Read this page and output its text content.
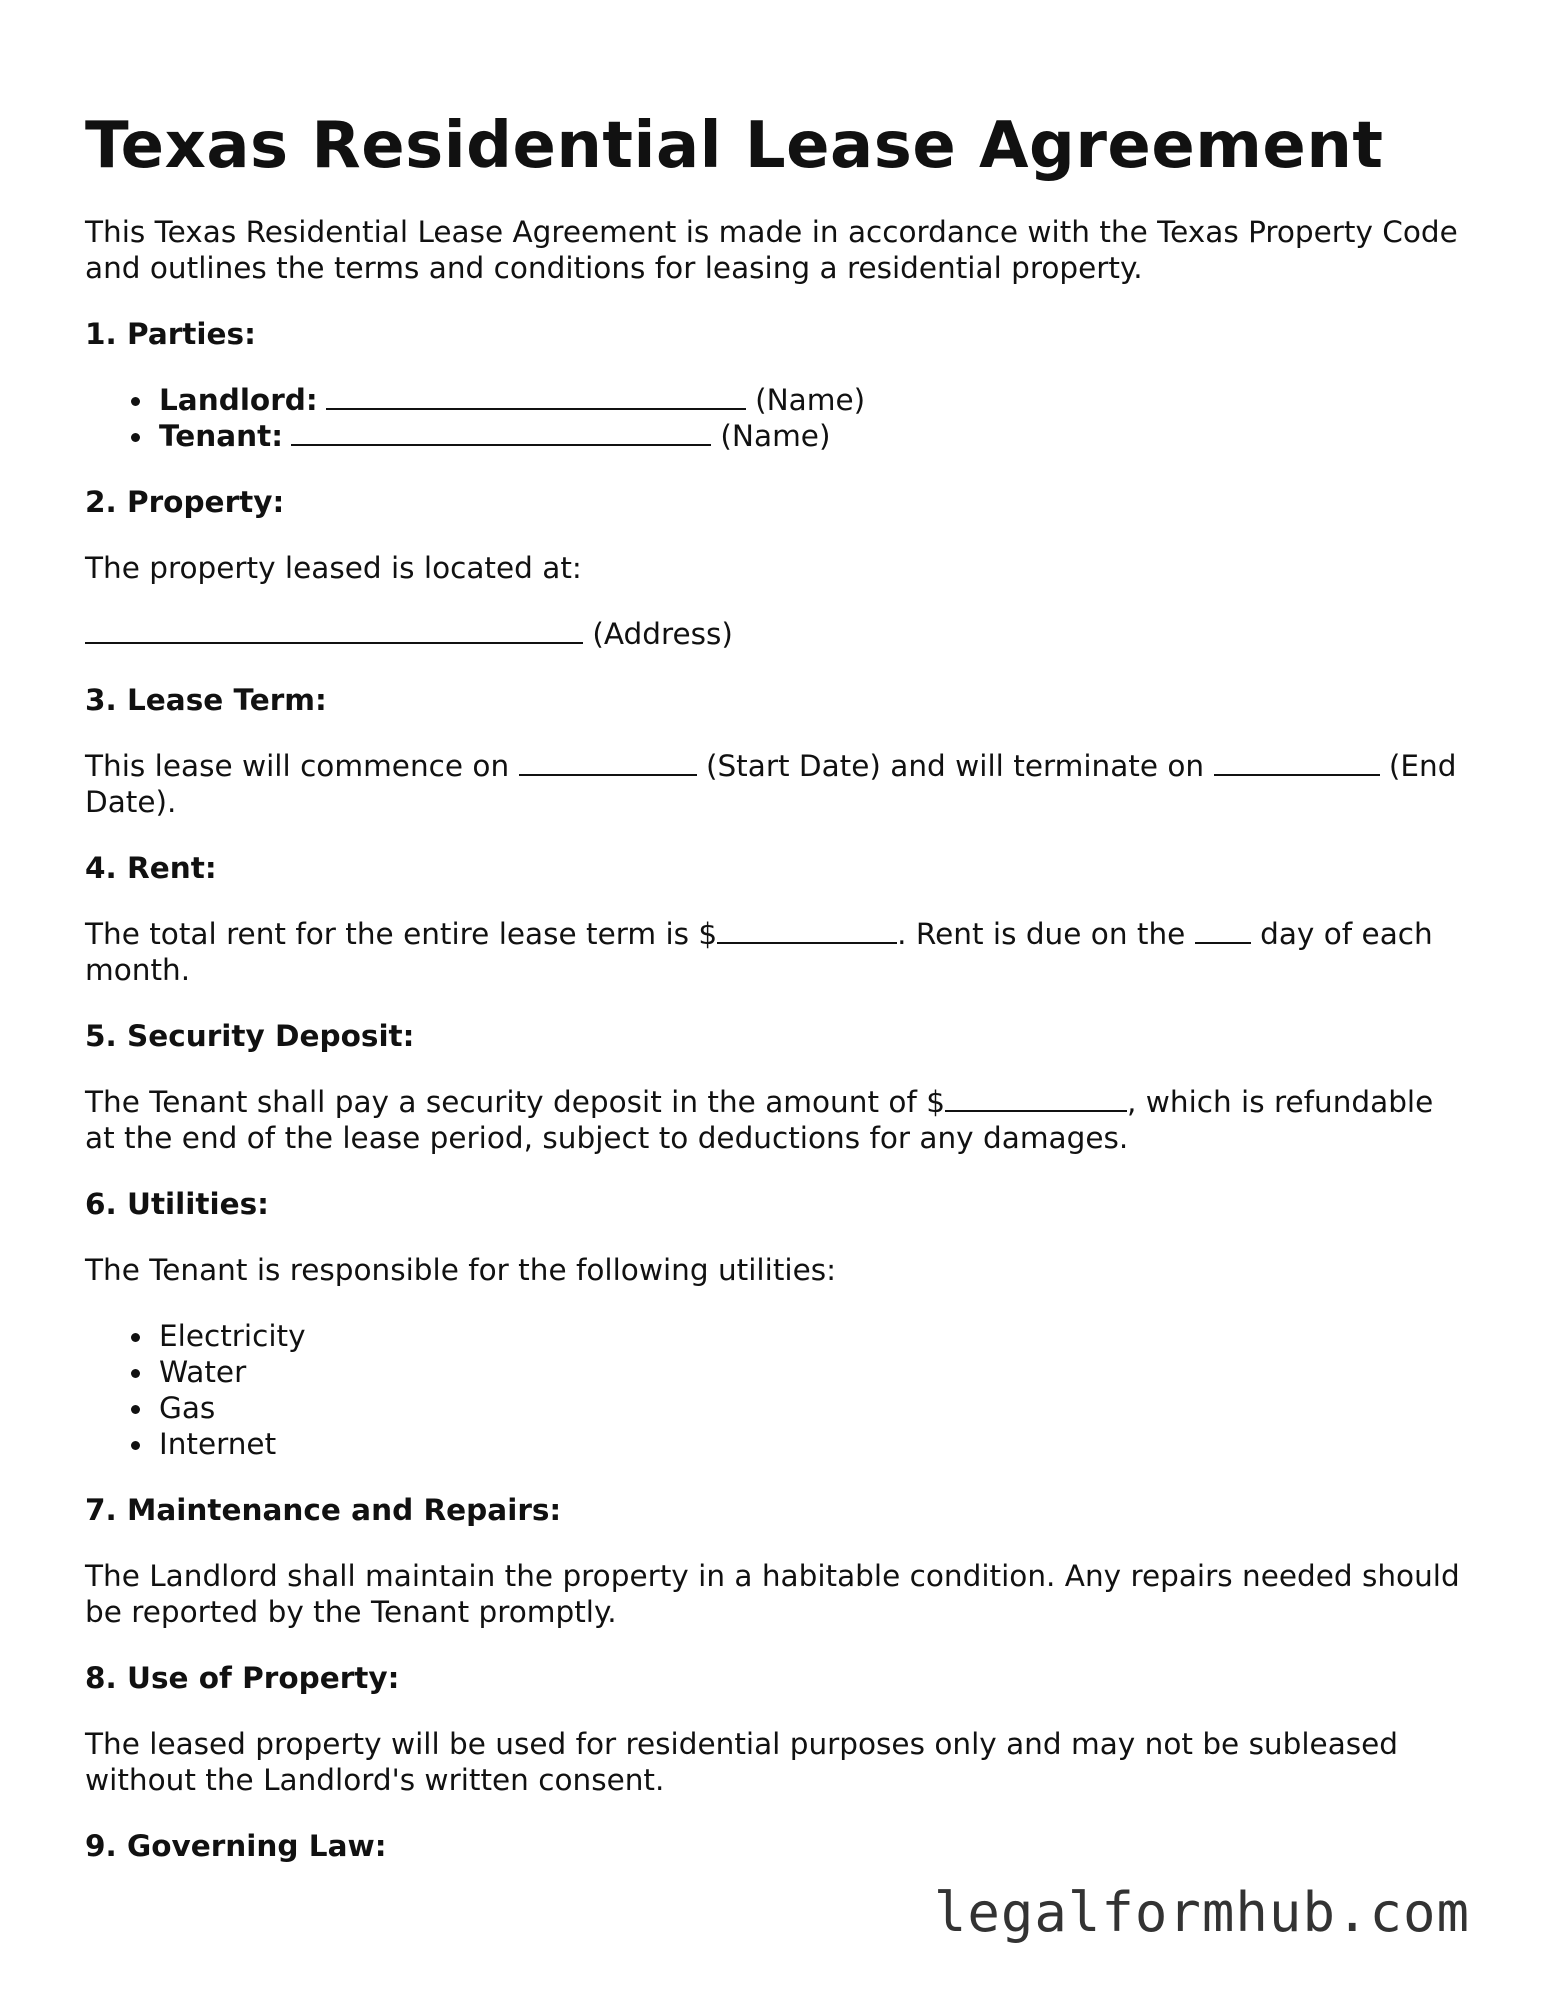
Texas Residential Lease Agreement

This Texas Residential Lease Agreement is made in accordance with the Texas Property Code and outlines the terms and conditions for leasing a residential property.

1. Parties:
Landlord:	(Name)
Tenant:	(Name)
2. Property:

The property leased is located at:

(Address)

3. Lease Term:

This lease will commence on	(Start Date) and will terminate on	(End Date).

4. Rent:

The total rent for the entire lease term is $	. Rent is due on the	day of each month.

5. Security Deposit:

The Tenant shall pay a security deposit in the amount of $	, which is refundable at the end of the lease period, subject to deductions for any damages.

6. Utilities:

The Tenant is responsible for the following utilities:

Electricity
Water
Gas
Internet
7. Maintenance and Repairs:

The Landlord shall maintain the property in a habitable condition. Any repairs needed should be reported by the Tenant promptly.

8. Use of Property:

The leased property will be used for residential purposes only and may not be subleased without the Landlord's written consent.

9. Governing Law:
legalformhub.com
